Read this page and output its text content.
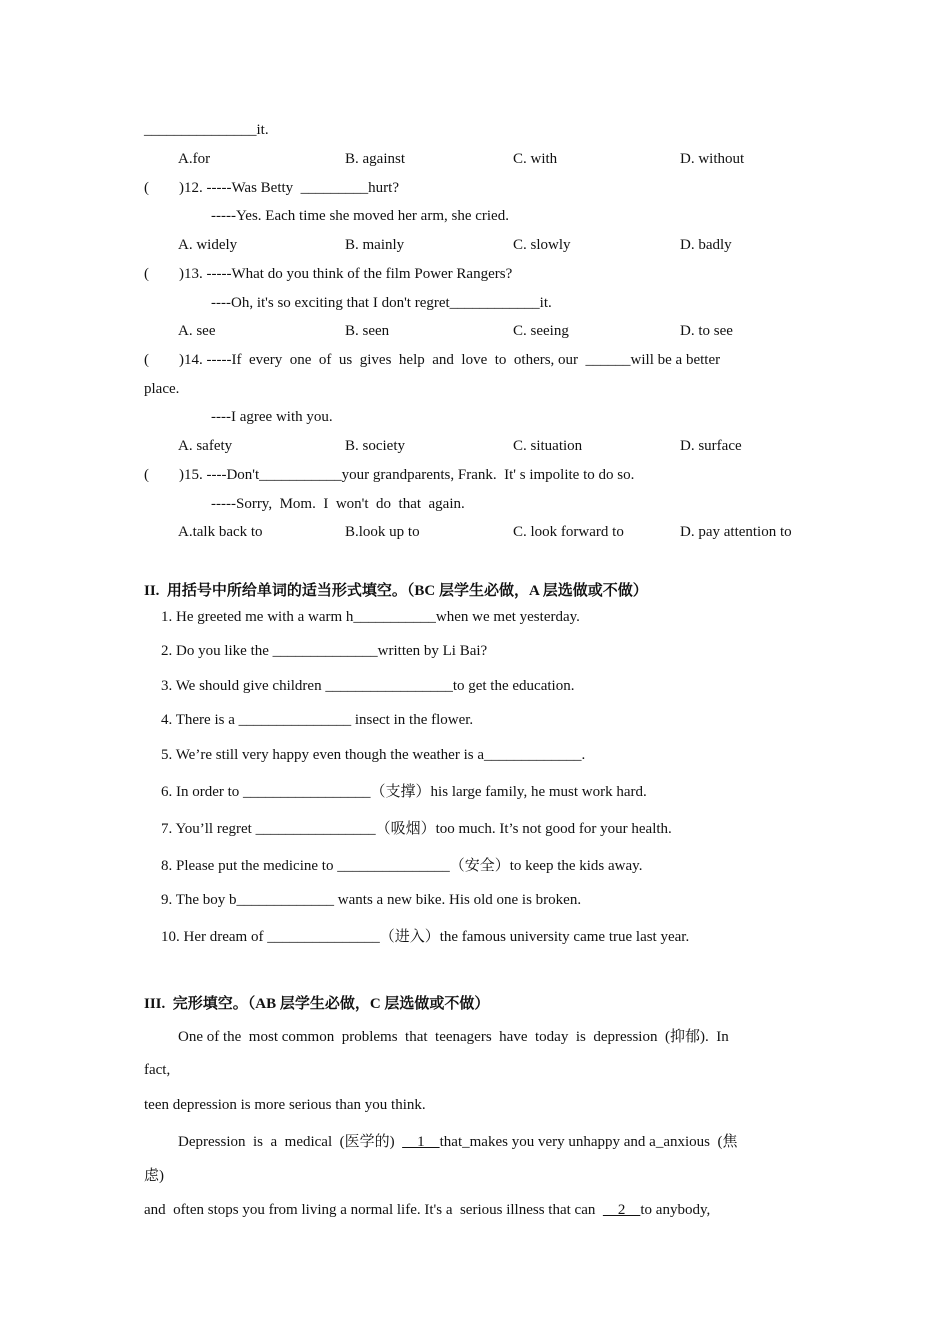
_______________it.
A.for	B. against	C. with	D. without
(        )12. -----Was Betty  _________hurt?
-----Yes. Each time she moved her arm, she cried.
A. widely	B. mainly	C. slowly	D. badly
(        )13. -----What do you think of the film Power Rangers?
----Oh, it's so exciting that I don't regret____________it.
A. see	B. seen	C. seeing	D. to see
(        )14. -----If  every  one  of  us  gives  help  and  love  to  others, our  ______will be a better
place.
----I agree with you.
A. safety	B. society	C. situation	D. surface
(        )15. ----Don't___________your grandparents, Frank.  It' s impolite to do so.
-----Sorry,  Mom.  I  won't  do  that  again.
A.talk back to	B.look up to	C. look forward to	D. pay attention to
II.  用括号中所给单词的适当形式填空。（BC 层学生必做，A 层选做或不做）
1. He greeted me with a warm h___________when we met yesterday.
2. Do you like the ______________written by Li Bai?
3. We should give children _________________to get the education.
4. There is a _______________ insect in the flower.
5. We’re still very happy even though the weather is a_____________.
6. In order to _________________（支撑）his large family, he must work hard.
7. You’ll regret ________________（吸烟）too much. It’s not good for your health.
8. Please put the medicine to _______________（安全）to keep the kids away.
9. The boy b_____________ wants a new bike. His old one is broken.
10. Her dream of _______________（进入）the famous university came true last year.
III.  完形填空。（AB 层学生必做，C 层选做或不做）
One of the  most common  problems  that  teenagers  have  today  is  depression  (抑郁).  In
fact,
teen depression is more serious than you think.
Depression  is  a  medical  (医学的)      1    that_makes you very unhappy and a_anxious  (焦
虑)
and  often stops you from living a normal life. It's a  serious illness that can      2    to anybody,
